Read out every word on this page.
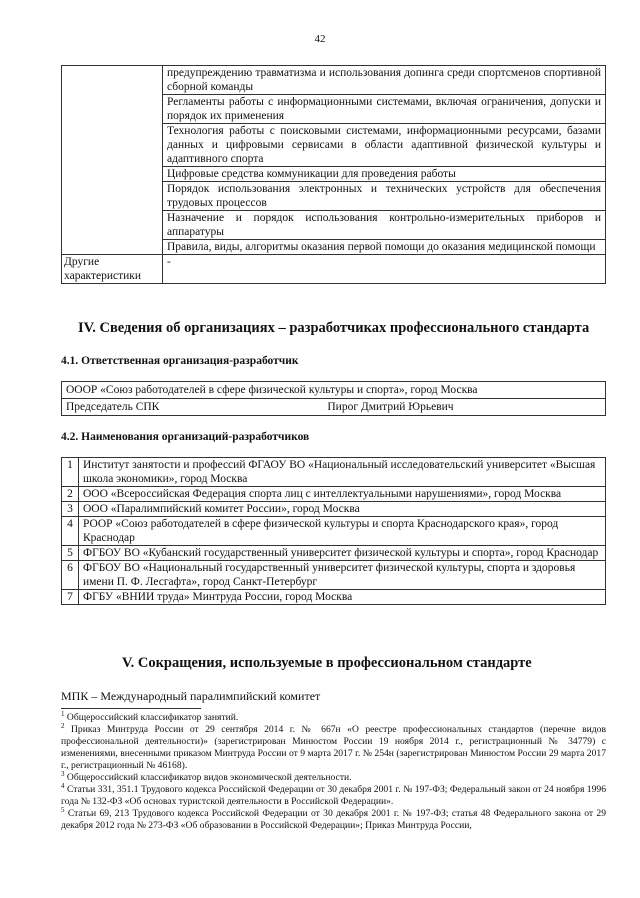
42
	предупреждению травматизма и использования допинга среди спортсменов спортивной сборной команды
	Регламенты работы с информационными системами, включая ограничения, допуски и порядок их применения
	Технология работы с поисковыми системами, информационными ресурсами, базами данных и цифровыми сервисами в области адаптивной физической культуры и адаптивного спорта
	Цифровые средства коммуникации для проведения работы
	Порядок использования электронных и технических устройств для обеспечения трудовых процессов
	Назначение и порядок использования контрольно-измерительных приборов и аппаратуры
	Правила, виды, алгоритмы оказания первой помощи до оказания медицинской помощи
Другие характеристики	-
IV. Сведения об организациях – разработчиках профессионального стандарта
4.1. Ответственная организация-разработчик
ОООР «Союз работодателей в сфере физической культуры и спорта», город Москва
Председатель СПК	Пирог Дмитрий Юрьевич
4.2. Наименования организаций-разработчиков
1	Институт занятости и профессий ФГАОУ ВО «Национальный исследовательский университет «Высшая школа экономики», город Москва
2	ООО «Всероссийская Федерация спорта лиц с интеллектуальными нарушениями», город Москва
3	ООО «Паралимпийский комитет России», город Москва
4	РООР «Союз работодателей в сфере физической культуры и спорта Краснодарского края», город Краснодар
5	ФГБОУ ВО «Кубанский государственный университет физической культуры и спорта», город Краснодар
6	ФГБОУ ВО «Национальный государственный университет физической культуры, спорта и здоровья имени П. Ф. Лесгафта», город Санкт-Петербург
7	ФГБУ «ВНИИ труда» Минтруда России, город Москва
V. Сокращения, используемые в профессиональном стандарте
МПК – Международный паралимпийский комитет

$^1$ Общероссийский классификатор занятий.

$^2$ Приказ Минтруда России от 29 сентября 2014 г. № 667н «О реестре профессиональных стандартов (перечне видов профессиональной деятельности)» (зарегистрирован Минюстом России 19 ноября 2014 г., регистрационный № 34779) с изменениями, внесенными приказом Минтруда России от 9 марта 2017 г. № 254н (зарегистрирован Минюстом России 29 марта 2017 г., регистрационный № 46168).

$^3$ Общероссийский классификатор видов экономической деятельности.

$^4$ Статьи 331, 351.1 Трудового кодекса Российской Федерации от 30 декабря 2001 г. № 197-ФЗ; Федеральный закон от 24 ноября 1996 года № 132-ФЗ «Об основах туристской деятельности в Российской Федерации».

$^5$ Статьи 69, 213 Трудового кодекса Российской Федерации от 30 декабря 2001 г. № 197-ФЗ; статья 48 Федерального закона от 29 декабря 2012 года № 273-ФЗ «Об образовании в Российской Федерации»; Приказ Минтруда России,
